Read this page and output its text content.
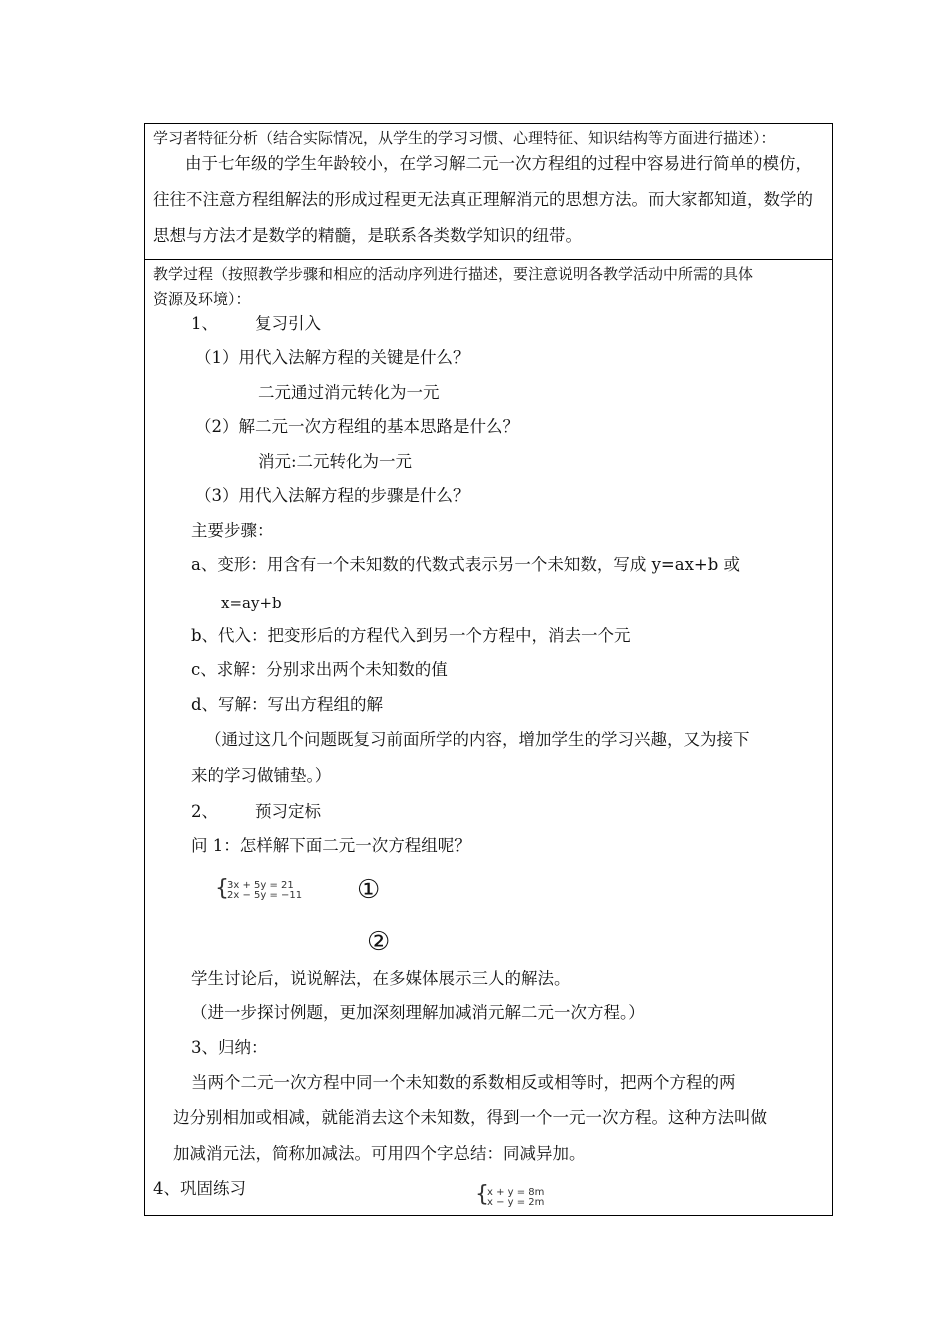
学习者特征分析（结合实际情况，从学生的学习习惯、心理特征、知识结构等方面进行描述）：
由于七年级的学生年龄较小，在学习解二元一次方程组的过程中容易进行简单的模仿，
往往不注意方程组解法的形成过程更无法真正理解消元的思想方法。而大家都知道，数学的
思想与方法才是数学的精髓，是联系各类数学知识的纽带。
教学过程（按照教学步骤和相应的活动序列进行描述，要注意说明各教学活动中所需的具体
资源及环境）：
1、 复习引入
（1）用代入法解方程的关键是什么？
二元通过消元转化为一元
（2）解二元一次方程组的基本思路是什么？
消元:二元转化为一元
（3）用代入法解方程的步骤是什么？
主要步骤：
a、变形：用含有一个未知数的代数式表示另一个未知数，写成 y=ax+b 或
x=ay+b
b、代入：把变形后的方程代入到另一个方程中，消去一个元
c、求解：分别求出两个未知数的值
d、写解：写出方程组的解
（通过这几个问题既复习前面所学的内容，增加学生的学习兴趣，又为接下
来的学习做铺垫。）
2、 预习定标
问 1：怎样解下面二元一次方程组呢？
{
3x + 5y = 21
2x − 5y = −11 ①
②
学生讨论后，说说解法，在多媒体展示三人的解法。
（进一步探讨例题，更加深刻理解加减消元解二元一次方程。）
3、归纳：
当两个二元一次方程中同一个未知数的系数相反或相等时，把两个方程的两
边分别相加或相减，就能消去这个未知数，得到一个一元一次方程。这种方法叫做
加减消元法，简称加减法。可用四个字总结：同减异加。
4、巩固练习	{
x + y = 8m
x − y = 2m
